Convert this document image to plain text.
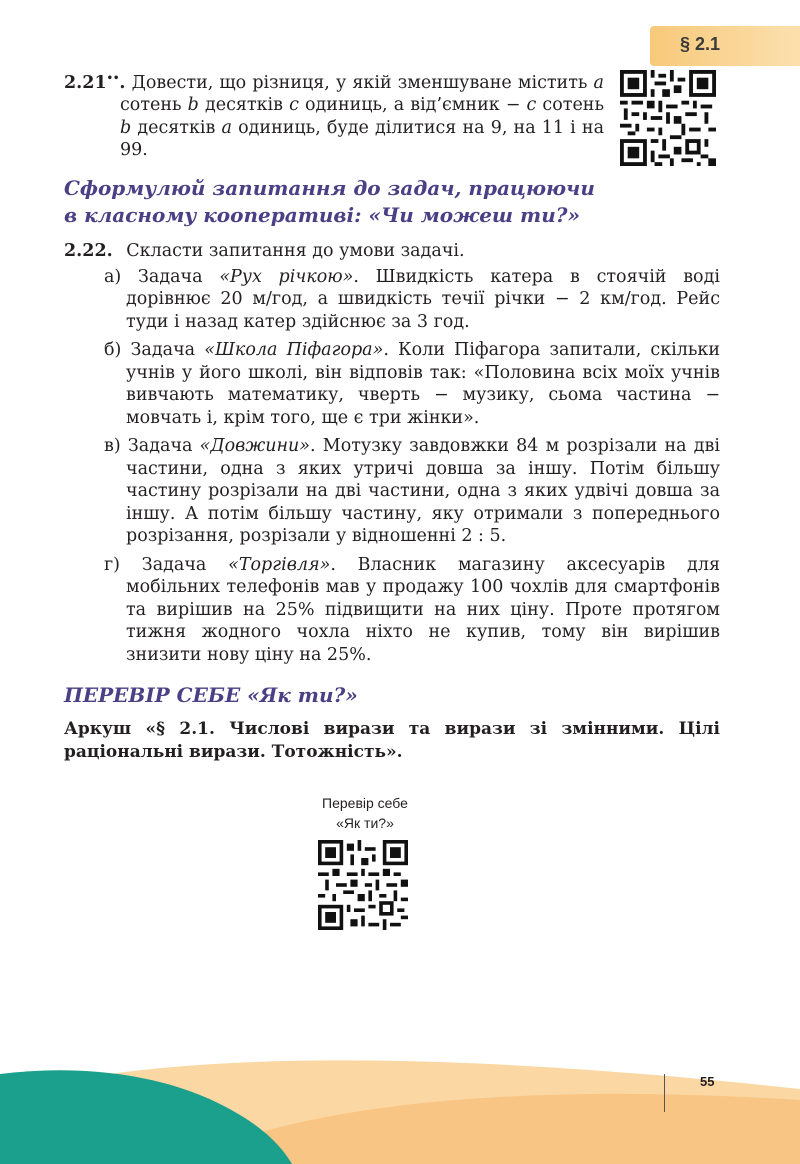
§ 2.1
2.21••. Довести, що різниця, у якій зменшуване містить a сотень b десятків c одиниць, а від’ємник − c сотень b десятків a одиниць, буде ділитися на 9, на 11 і на 99.
Сформулюй запитання до задач, працюючи
в класному кооперативі: «Чи можеш ти?»
2.22. Скласти запитання до умови задачі.
а) Задача «Рух річкою». Швидкість катера в стоячій воді дорівнює 20 м/год, а швидкість течії річки − 2 км/год. Рейс туди і назад катер здійснює за 3 год.
б) Задача «Школа Піфагора». Коли Піфагора запитали, скільки учнів у його школі, він відповів так: «Половина всіх моїх учнів вивчають математику, чверть − музику, сьома частина − мовчать і, крім того, ще є три жінки».
в) Задача «Довжини». Мотузку завдовжки 84 м розрізали на дві частини, одна з яких утричі довша за іншу. Потім більшу частину розрізали на дві частини, одна з яких удвічі довша за іншу. А потім більшу частину, яку отримали з попереднього розрізання, розрізали у відношенні 2 : 5.
г) Задача «Торгівля». Власник магазину аксесуарів для мобільних телефонів мав у продажу 100 чохлів для смартфонів та вирішив на 25% підвищити на них ціну. Проте протягом тижня жодного чохла ніхто не купив, тому він вирішив знизити нову ціну на 25%.
ПЕРЕВІР СЕБЕ «Як ти?»
Аркуш «§ 2.1. Числові вирази та вирази зі змінними. Цілі раціональні вирази. Тотожність».
Перевір себе
«Як ти?»
55
